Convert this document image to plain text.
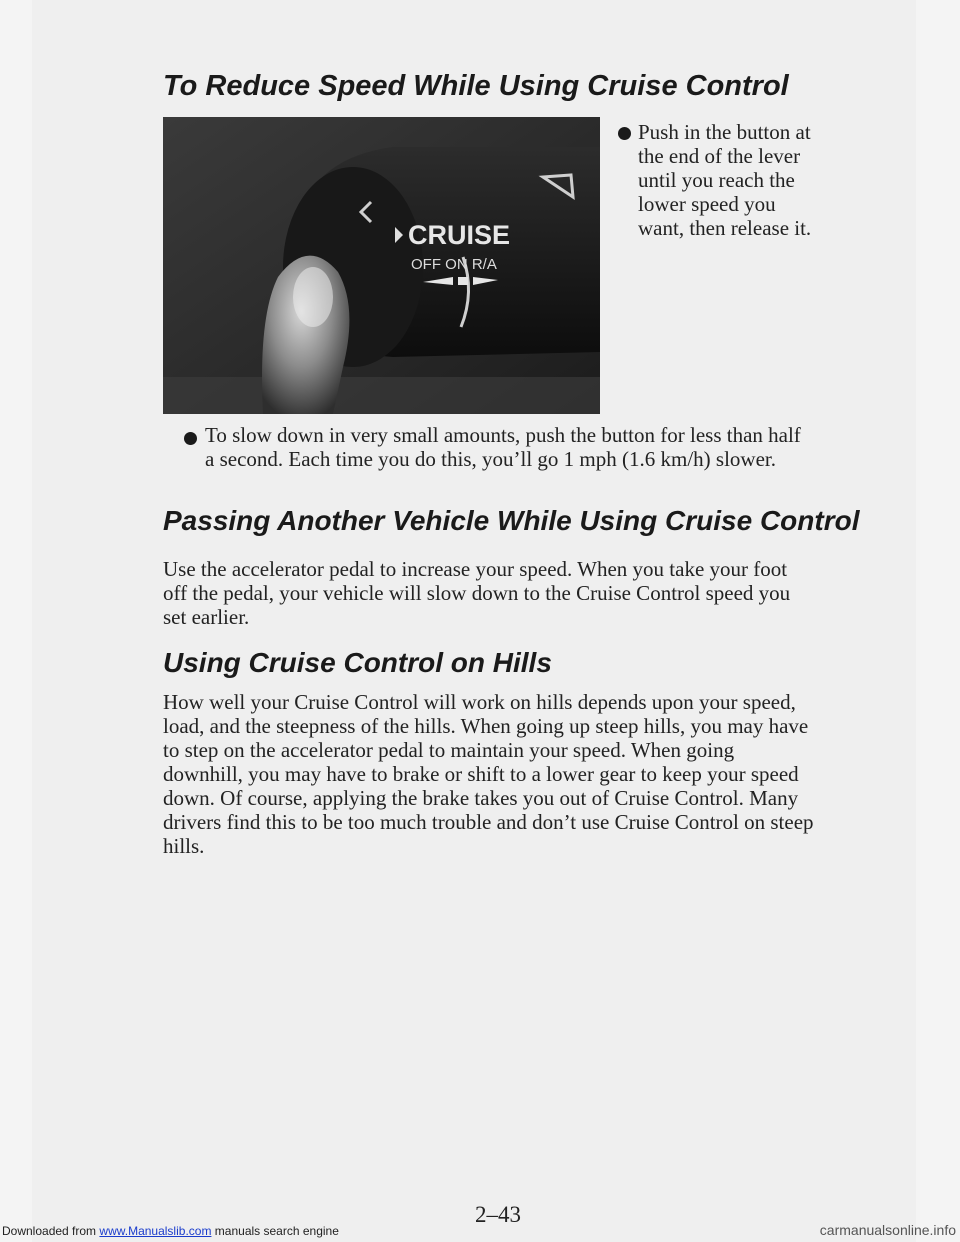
To Reduce Speed While Using Cruise Control
CRUISE
OFF ON R/A

Push in the button at the end of the lever until you reach the lower speed you want, then release it.

To slow down in very small amounts, push the button for less than half a second. Each time you do this, you’ll go 1 mph (1.6 km/h) slower.

Passing Another Vehicle While Using Cruise Control

Use the accelerator pedal to increase your speed. When you take your foot off the pedal, your vehicle will slow down to the Cruise Control speed you set earlier.

Using Cruise Control on Hills

How well your Cruise Control will work on hills depends upon your speed, load, and the steepness of the hills. When going up steep hills, you may have to step on the accelerator pedal to maintain your speed. When going downhill, you may have to brake or shift to a lower gear to keep your speed down. Of course, applying the brake takes you out of Cruise Control. Many drivers find this to be too much trouble and don’t use Cruise Control on steep hills.

2–43
Downloaded from www.Manualslib.com manuals search engine	carmanualsonline.info
